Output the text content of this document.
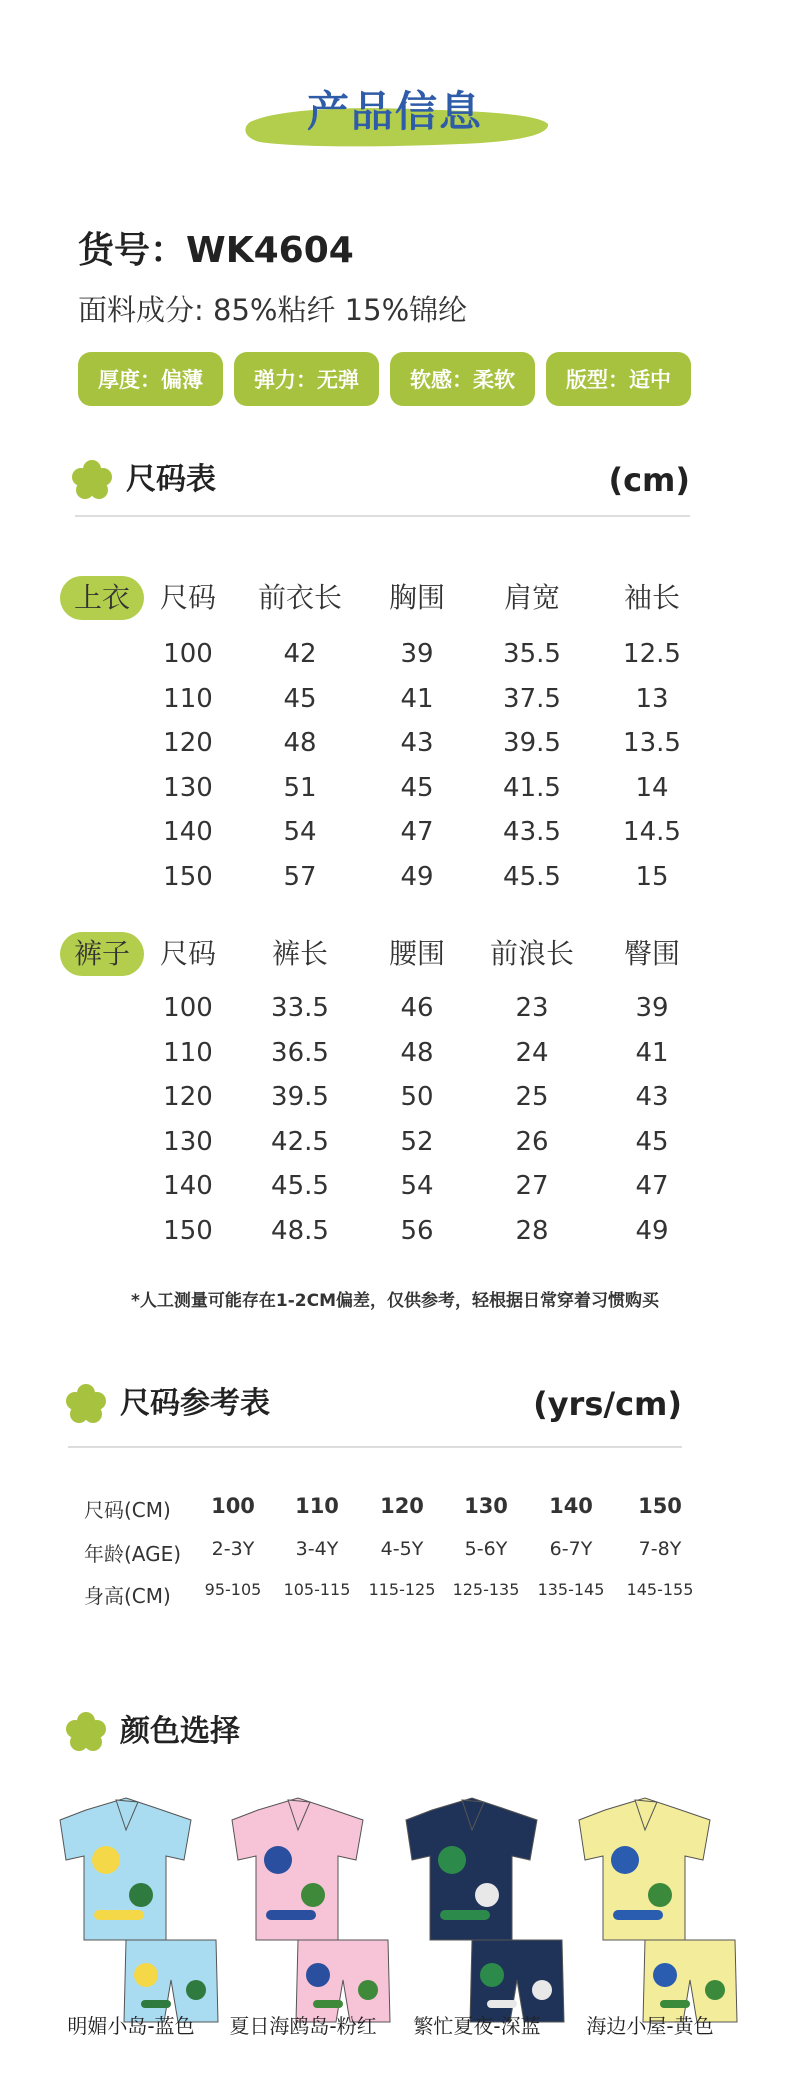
产品信息
货号：WK4604
面料成分: 85%粘纤 15%锦纶
厚度：偏薄	弹力：无弹	软感：柔软	版型：适中
尺码表	(cm)
上衣	尺码	前衣长	胸围	肩宽	袖长
100	42	39	35.5	12.5
110	45	41	37.5	13
120	48	43	39.5	13.5
130	51	45	41.5	14
140	54	47	43.5	14.5
150	57	49	45.5	15
裤子	尺码	裤长	腰围	前浪长	臀围
100	33.5	46	23	39
110	36.5	48	24	41
120	39.5	50	25	43
130	42.5	52	26	45
140	45.5	54	27	47
150	48.5	56	28	49
*人工测量可能存在1-2CM偏差，仅供参考，轻根据日常穿着习惯购买
尺码参考表	(yrs/cm)
尺码(CM)	100	110	120	130	140	150
年龄(AGE)	2-3Y	3-4Y	4-5Y	5-6Y	6-7Y	7-8Y
身高(CM)	95-105	105-115	115-125	125-135	135-145	145-155
颜色选择
明媚小岛-蓝色	夏日海鸥岛-粉红	繁忙夏夜-深蓝	海边小屋-黄色
